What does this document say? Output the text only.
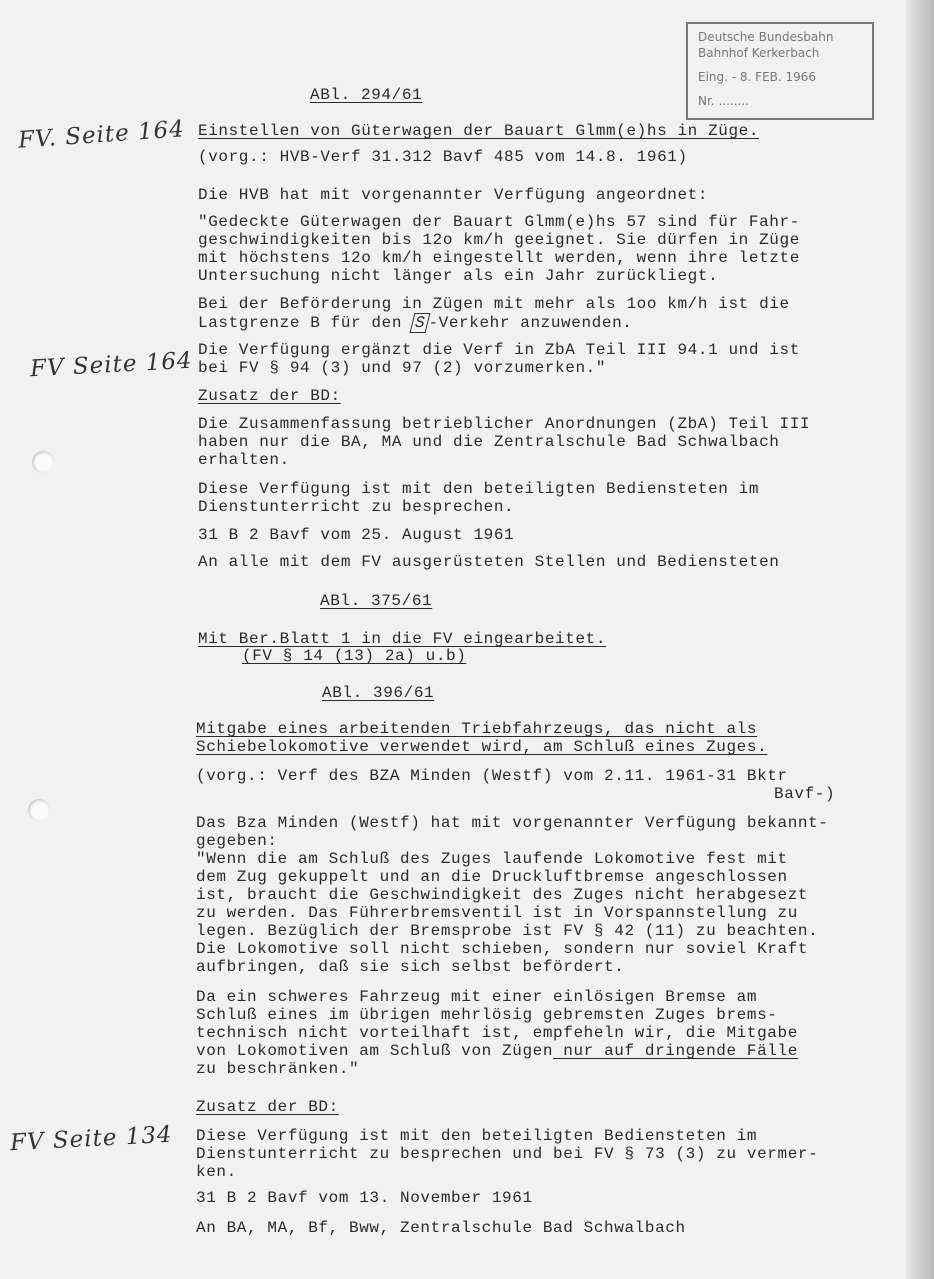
Deutsche Bundesbahn
Bahnhof Kerkerbach
Eing. - 8. FEB. 1966
Nr. ........
FV. Seite 164
FV Seite 164
FV Seite 134
ABl. 294/61
Einstellen von Güterwagen der Bauart Glmm(e)hs in Züge.
(vorg.: HVB-Verf 31.312 Bavf 485 vom 14.8. 1961)
Die HVB hat mit vorgenannter Verfügung angeordnet:
"Gedeckte Güterwagen der Bauart Glmm(e)hs 57 sind für Fahr-
geschwindigkeiten bis 12o km/h geeignet. Sie dürfen in Züge
mit höchstens 12o km/h eingestellt werden, wenn ihre letzte
Untersuchung nicht länger als ein Jahr zurückliegt.
Bei der Beförderung in Zügen mit mehr als 1oo km/h ist die
Lastgrenze B für den S-Verkehr anzuwenden.
Die Verfügung ergänzt die Verf in ZbA Teil III 94.1 und ist
bei FV § 94 (3) und 97 (2) vorzumerken."
Zusatz der BD:
Die Zusammenfassung betrieblicher Anordnungen (ZbA) Teil III
haben nur die BA, MA und die Zentralschule Bad Schwalbach
erhalten.
Diese Verfügung ist mit den beteiligten Bediensteten im
Dienstunterricht zu besprechen.
31 B 2 Bavf vom 25. August 1961
An alle mit dem FV ausgerüsteten Stellen und Bediensteten
ABl. 375/61
Mit Ber.Blatt 1 in die FV eingearbeitet.
(FV § 14 (13) 2a) u.b)
ABl. 396/61
Mitgabe eines arbeitenden Triebfahrzeugs, das nicht als
Schiebelokomotive verwendet wird, am Schluß eines Zuges.
(vorg.: Verf des BZA Minden (Westf) vom 2.11. 1961-31 Bktr
Bavf-)
Das Bza Minden (Westf) hat mit vorgenannter Verfügung bekannt-
gegeben:
"Wenn die am Schluß des Zuges laufende Lokomotive fest mit
dem Zug gekuppelt und an die Druckluftbremse angeschlossen
ist, braucht die Geschwindigkeit des Zuges nicht herabgesezt
zu werden. Das Führerbremsventil ist in Vorspannstellung zu
legen. Bezüglich der Bremsprobe ist FV § 42 (11) zu beachten.
Die Lokomotive soll nicht schieben, sondern nur soviel Kraft
aufbringen, daß sie sich selbst befördert.
Da ein schweres Fahrzeug mit einer einlösigen Bremse am
Schluß eines im übrigen mehrlösig gebremsten Zuges brems-
technisch nicht vorteilhaft ist, empfeheln wir, die Mitgabe
von Lokomotiven am Schluß von Zügen nur auf dringende Fälle
zu beschränken."
Zusatz der BD:
Diese Verfügung ist mit den beteiligten Bediensteten im
Dienstunterricht zu besprechen und bei FV § 73 (3) zu vermer-
ken.
31 B 2 Bavf vom 13. November 1961
An BA, MA, Bf, Bww, Zentralschule Bad Schwalbach
